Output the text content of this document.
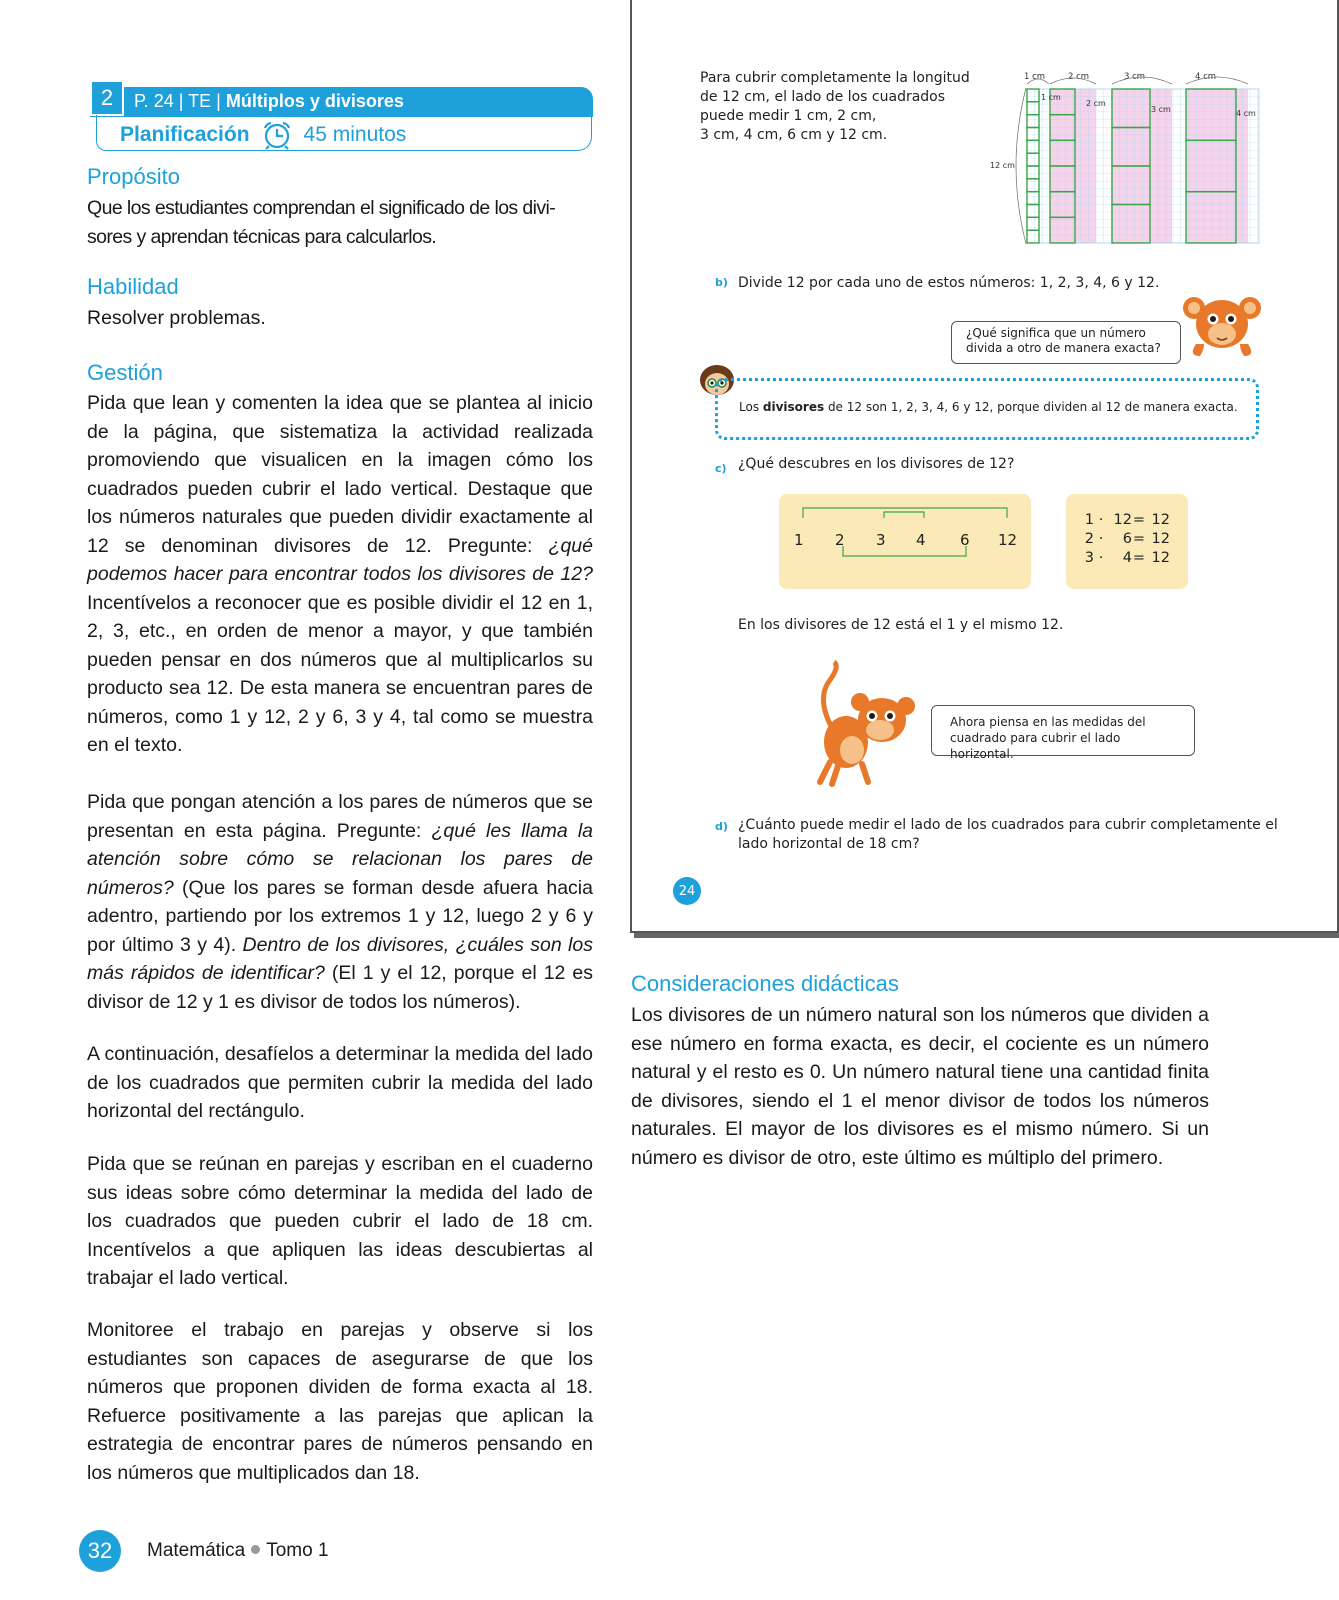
2	P. 24 | TE | Múltiplos y divisores
Planificación	45 minutos
Propósito
Que los estudiantes comprendan el significado de los divi-
sores y aprendan técnicas para calcularlos.
Habilidad
Resolver problemas.
Gestión
Pida que lean y comenten la idea que se plantea al inicio de la página, que sistematiza la actividad realizada promoviendo que visualicen en la imagen cómo los cuadrados pueden cubrir el lado vertical. Destaque que los números naturales que pueden dividir exactamente al 12 se denominan divisores de 12. Pregunte: ¿qué podemos hacer para encontrar todos los divisores de 12? Incentívelos a reconocer que es posible dividir el 12 en 1, 2, 3, etc., en orden de menor a mayor, y que también pueden pensar en dos números que al multiplicarlos su producto sea 12. De esta manera se encuentran pares de números, como 1 y 12, 2 y 6, 3 y 4, tal como se muestra en el texto.
Pida que pongan atención a los pares de números que se presentan en esta página. Pregunte: ¿qué les llama la atención sobre cómo se relacionan los pares de números? (Que los pares se forman desde afuera hacia adentro, partiendo por los extremos 1 y 12, luego 2 y 6 y por último 3 y 4). Dentro de los divisores, ¿cuáles son los más rápidos de identificar? (El 1 y el 12, porque el 12 es divisor de 12 y 1 es divisor de todos los números).
A continuación, desafíelos a determinar la medida del lado de los cuadrados que permiten cubrir la medida del lado horizontal del rectángulo.
Pida que se reúnan en parejas y escriban en el cuaderno sus ideas sobre cómo determinar la medida del lado de los cuadrados que pueden cubrir el lado de 18 cm. Incentívelos a que apliquen las ideas descubiertas al trabajar el lado vertical.
Monitoree el trabajo en parejas y observe si los estudiantes son capaces de asegurarse de que los números que proponen dividen de forma exacta al 18. Refuerce positivamente a las parejas que aplican la estrategia de encontrar pares de números pensando en los números que multiplicados dan 18.
32	Matemática Tomo 1
Para cubrir completamente la longitud
de 12 cm, el lado de los cuadrados
puede medir 1 cm, 2 cm,
3 cm, 4 cm, 6 cm y 12 cm.
1 cm	2 cm	3 cm	4 cm
1 cm
2 cm
3 cm	4 cm
12 cm
b) Divide 12 por cada uno de estos números: 1, 2, 3, 4, 6 y 12.
¿Qué significa que un número
divida a otro de manera exacta?
Los divisores de 12 son 1, 2, 3, 4, 6 y 12, porque dividen al 12 de manera exacta.
c) ¿Qué descubres en los divisores de 12?
1 2 3 4 6 12
1 · 12 = 12
2 ·	6 = 12
3 ·	4 = 12
En los divisores de 12 está el 1 y el mismo 12.
Ahora piensa en las medidas del
cuadrado para cubrir el lado horizontal.
d) ¿Cuánto puede medir el lado de los cuadrados para cubrir completamente el
lado horizontal de 18 cm?
24
Consideraciones didácticas
Los divisores de un número natural son los números que dividen a ese número en forma exacta, es decir, el cociente es un número natural y el resto es 0. Un número natural tiene una cantidad finita de divisores, siendo el 1 el menor divisor de todos los números naturales. El mayor de los divisores es el mismo número. Si un número es divisor de otro, este último es múltiplo del primero.
